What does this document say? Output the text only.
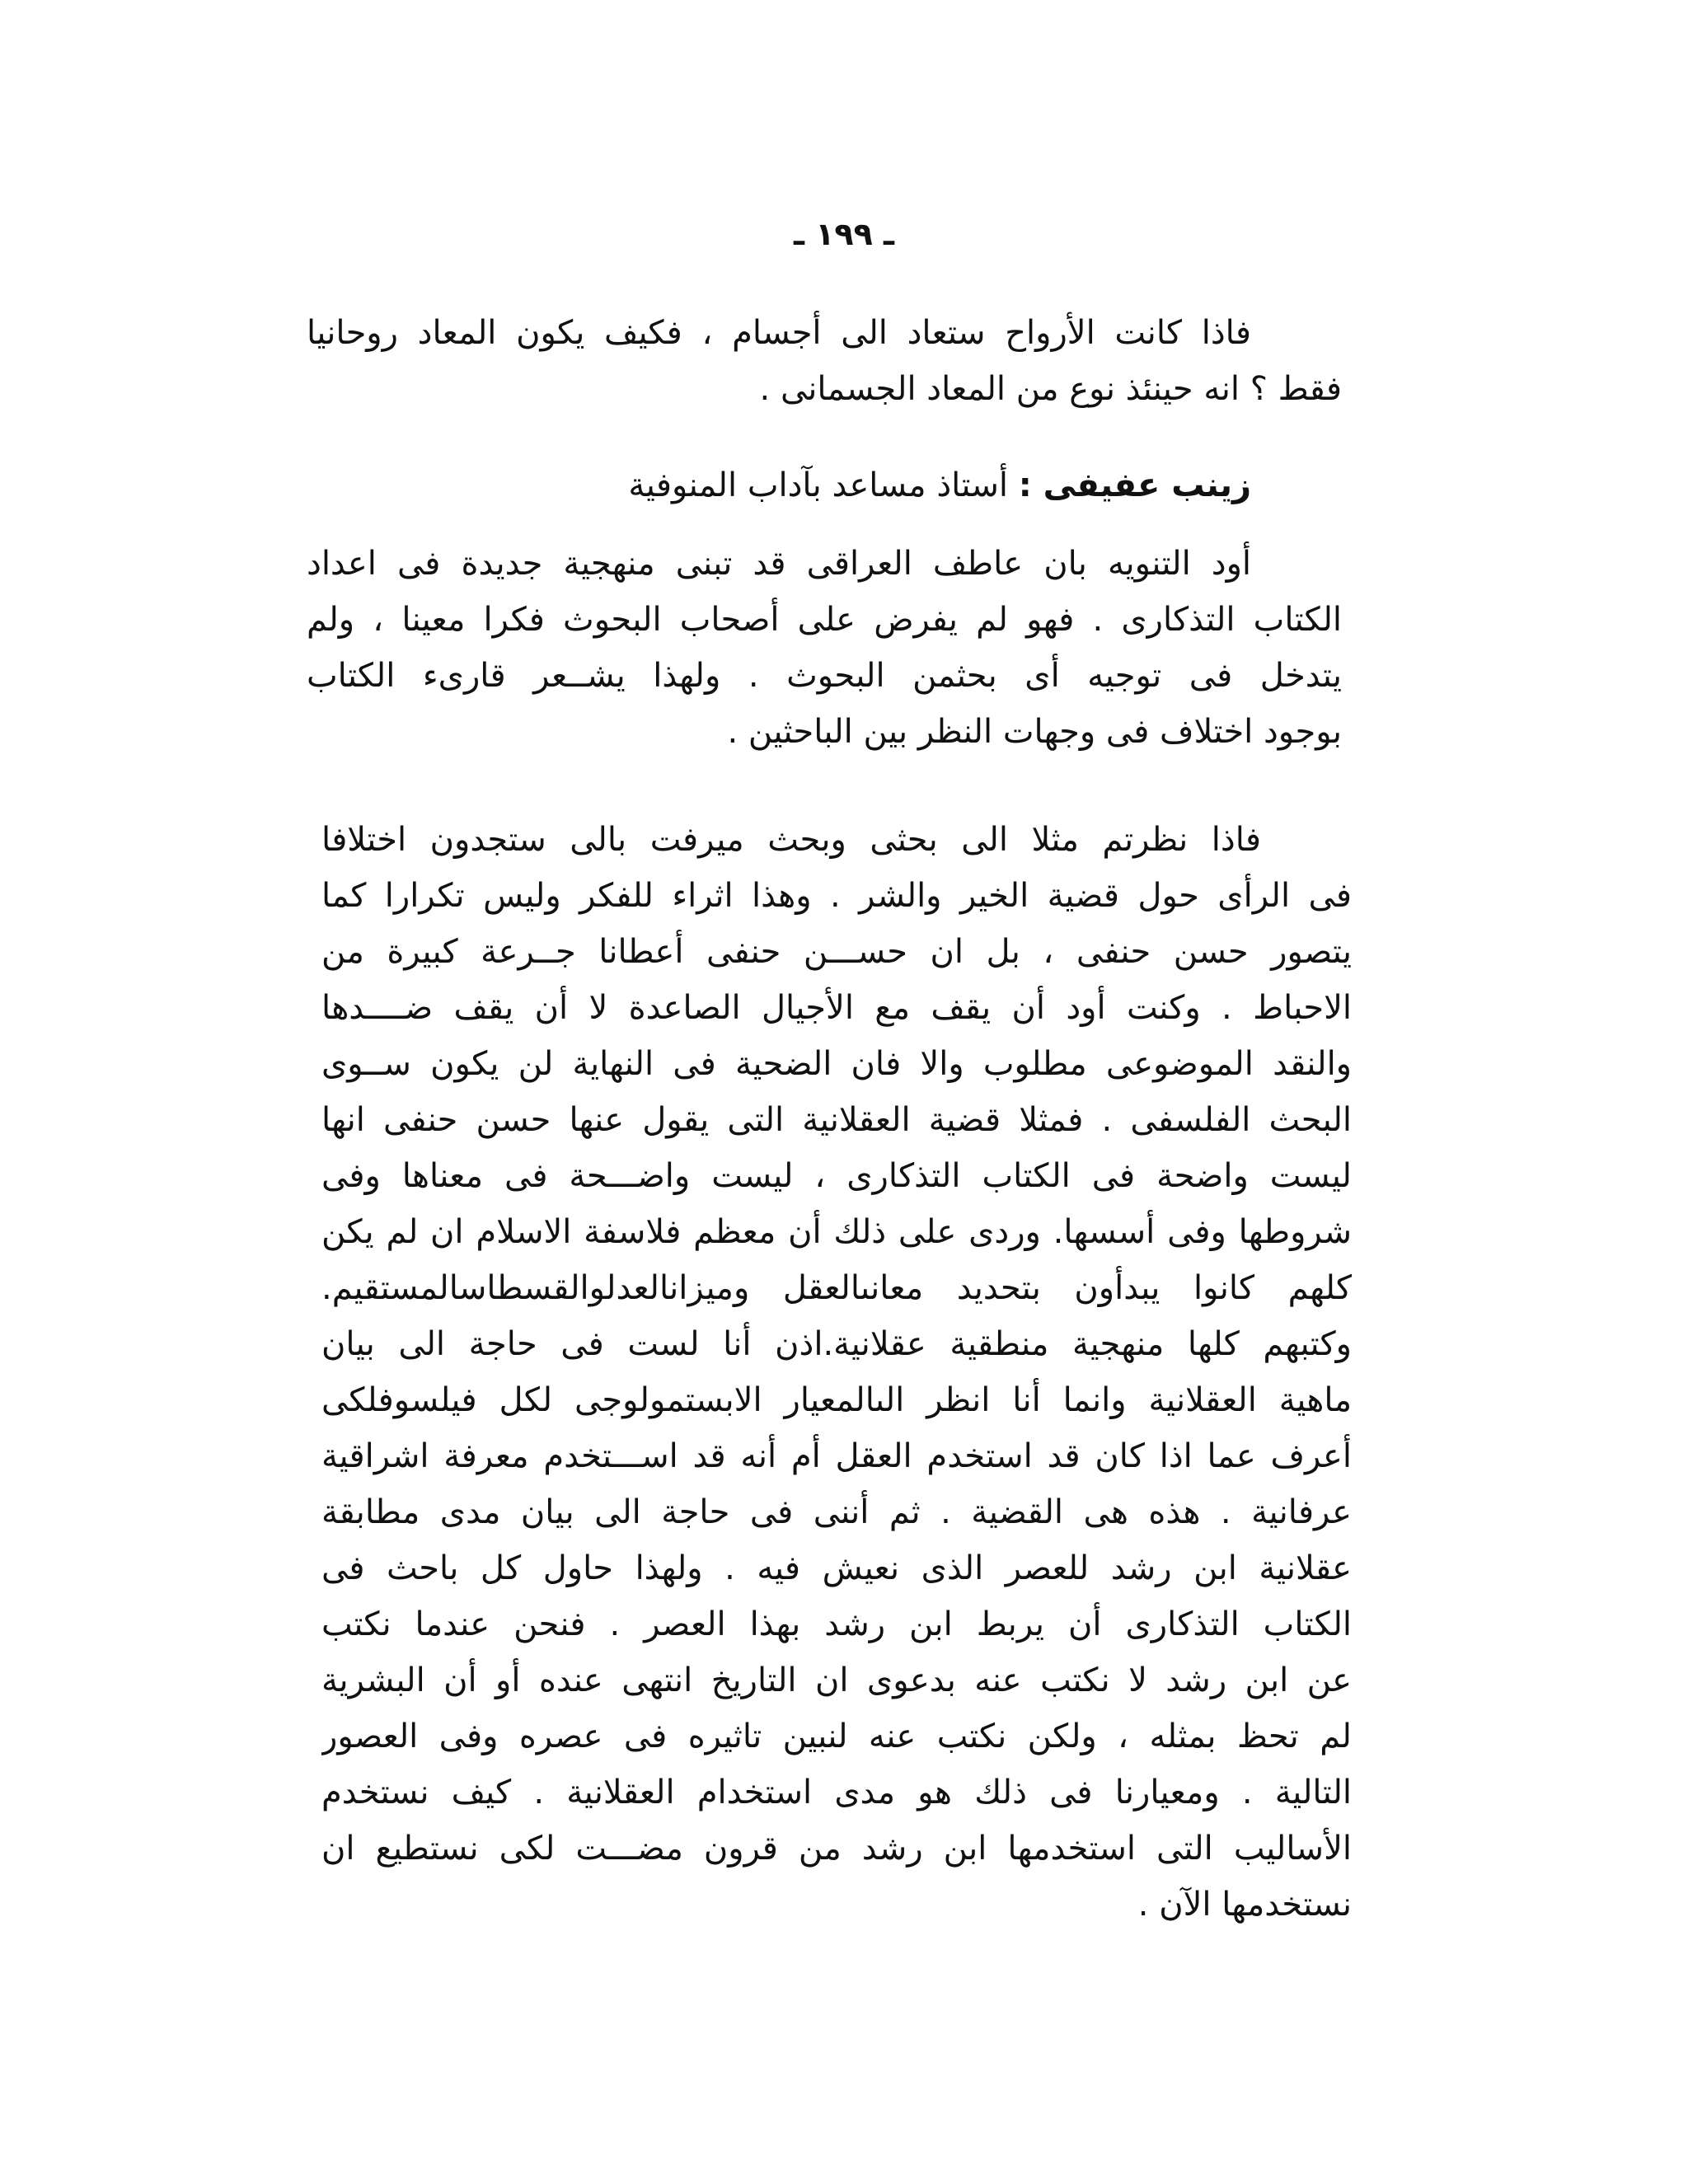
ـ ١٩٩ ـ
فاذا كانت الأرواح ستعاد الى أجسام ، فكيف يكون المعاد روحانيا
فقط ؟ انه حينئذ نوع من المعاد الجسمانى .
زينب عفيفى : أستاذ مساعد بآداب المنوفية
أود التنويه بان عاطف العراقى قد تبنى منهجية جديدة فى اعداد
الكتاب التذكارى . فهو لم يفرض على أصحاب البحوث فكرا معينا ، ولم
يتدخل فى توجيه أى بحثمن البحوث . ولهذا يشــعر قارىء الكتاب
بوجود اختلاف فى وجهات النظر بين الباحثين .
فاذا نظرتم مثلا الى بحثى وبحث ميرفت بالى ستجدون اختلافا
فى الرأى حول قضية الخير والشر . وهذا اثراء للفكر وليس تكرارا كما
يتصور حسن حنفى ، بل ان حســـن حنفى أعطانا جــرعة كبيرة من
الاحباط . وكنت أود أن يقف مع الأجيال الصاعدة لا أن يقف ضــــدها
والنقد الموضوعى مطلوب والا فان الضحية فى النهاية لن يكون ســوى
البحث الفلسفى . فمثلا قضية العقلانية التى يقول عنها حسن حنفى انها
ليست واضحة فى الكتاب التذكارى ، ليست واضـــحة فى معناها وفى
شروطها وفى أسسها. وردى على ذلك أن معظم فلاسفة الاسلام ان لم يكن
كلهم كانوا يبدأون بتحديد معانىالعقل وميزانالعدلوالقسطاسالمستقيم.
وكتبهم كلها منهجية منطقية عقلانية.اذن أنا لست فى حاجة الى بيان
ماهية العقلانية وانما أنا انظر الىالمعيار الابستمولوجى لكل فيلسوفلكى
أعرف عما اذا كان قد استخدم العقل أم أنه قد اســـتخدم معرفة اشراقية
عرفانية . هذه هى القضية . ثم أننى فى حاجة الى بيان مدى مطابقة
عقلانية ابن رشد للعصر الذى نعيش فيه . ولهذا حاول كل باحث فى
الكتاب التذكارى أن يربط ابن رشد بهذا العصر . فنحن عندما نكتب
عن ابن رشد لا نكتب عنه بدعوى ان التاريخ انتهى عنده أو أن البشرية
لم تحظ بمثله ، ولكن نكتب عنه لنبين تاثيره فى عصره وفى العصور
التالية . ومعيارنا فى ذلك هو مدى استخدام العقلانية . كيف نستخدم
الأساليب التى استخدمها ابن رشد من قرون مضـــت لكى نستطيع ان
نستخدمها الآن .
